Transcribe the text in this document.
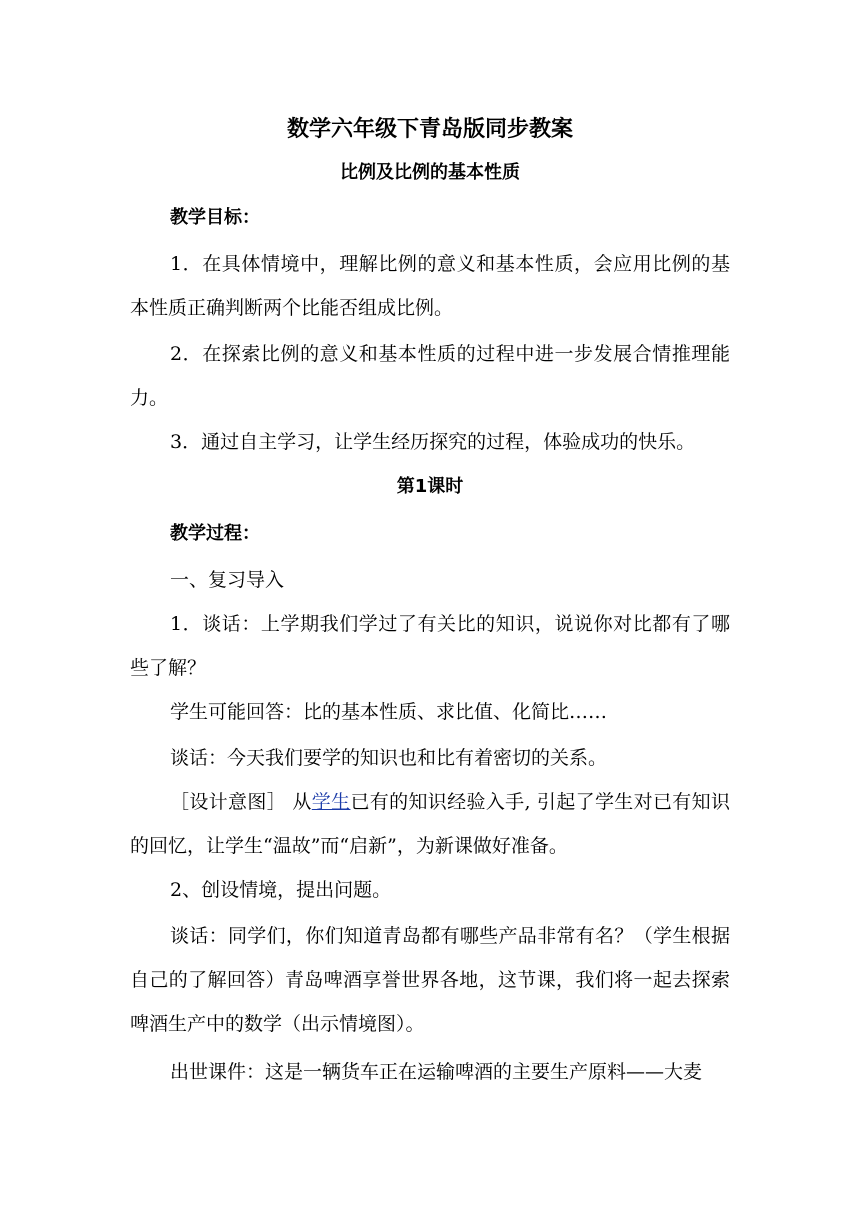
数学六年级下青岛版同步教案
比例及比例的基本性质

教学目标：

1．在具体情境中，理解比例的意义和基本性质，会应用比例的基本性质正确判断两个比能否组成比例。

2．在探索比例的意义和基本性质的过程中进一步发展合情推理能力。

3．通过自主学习，让学生经历探究的过程，体验成功的快乐。

第1课时

教学过程：

一、复习导入

1．谈话：上学期我们学过了有关比的知识，说说你对比都有了哪些了解？

学生可能回答：比的基本性质、求比值、化简比……

谈话：今天我们要学的知识也和比有着密切的关系。

［设计意图］ 从学生已有的知识经验入手, 引起了学生对已有知识的回忆，让学生“温故”而“启新”，为新课做好准备。

2、创设情境，提出问题。

谈话：同学们，你们知道青岛都有哪些产品非常有名？（学生根据自己的了解回答）青岛啤酒享誉世界各地，这节课，我们将一起去探索啤酒生产中的数学（出示情境图）。

出世课件：这是一辆货车正在运输啤酒的主要生产原料——大麦
